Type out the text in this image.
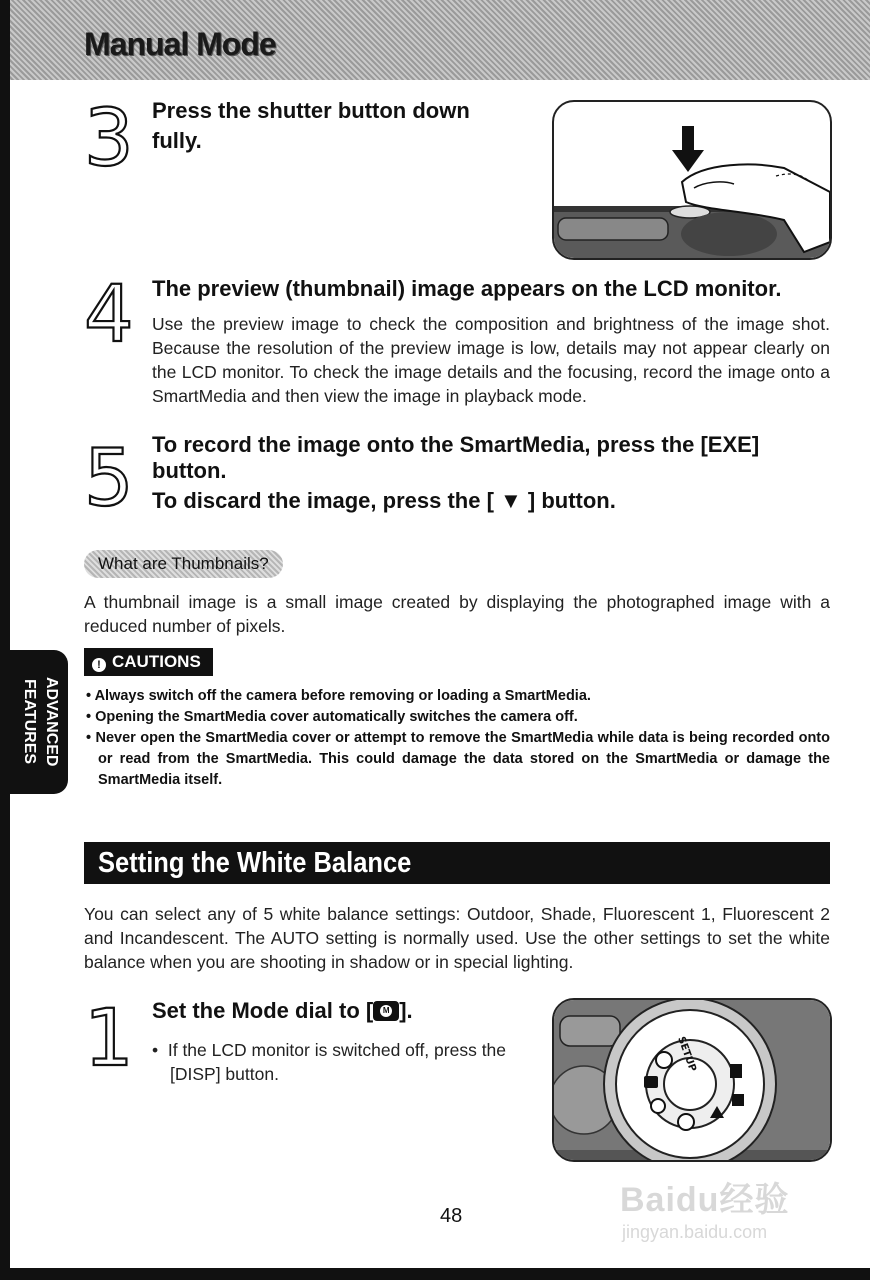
Manual Mode
3 Press the shutter button down fully.
4 The preview (thumbnail) image appears on the LCD monitor.
Use the preview image to check the composition and brightness of the image shot. Because the resolution of the preview image is low, details may not appear clearly on the LCD monitor. To check the image details and the focusing, record the image onto a SmartMedia and then view the image in playback mode.
5 To record the image onto the SmartMedia, press the [EXE] button.
To discard the image, press the [ ▼ ] button.
What are Thumbnails?
A thumbnail image is a small image created by displaying the photographed image with a reduced number of pixels.
! CAUTIONS
• Always switch off the camera before removing or loading a SmartMedia.
• Opening the SmartMedia cover automatically switches the camera off.
• Never open the SmartMedia cover or attempt to remove the SmartMedia while data is being recorded onto or read from the SmartMedia. This could damage the data stored on the SmartMedia or damage the SmartMedia itself.
ADVANCED FEATURES
Setting the White Balance
You can select any of 5 white balance settings: Outdoor, Shade, Fluorescent 1, Fluorescent 2 and Incandescent. The AUTO setting is normally used. Use the other settings to set the white balance when you are shooting in shadow or in special lighting.
1 Set the Mode dial to [	M ].
•  If the LCD monitor is switched off, press the [DISP] button.
SETUP
48	Baidu经验
jingyan.baidu.com
